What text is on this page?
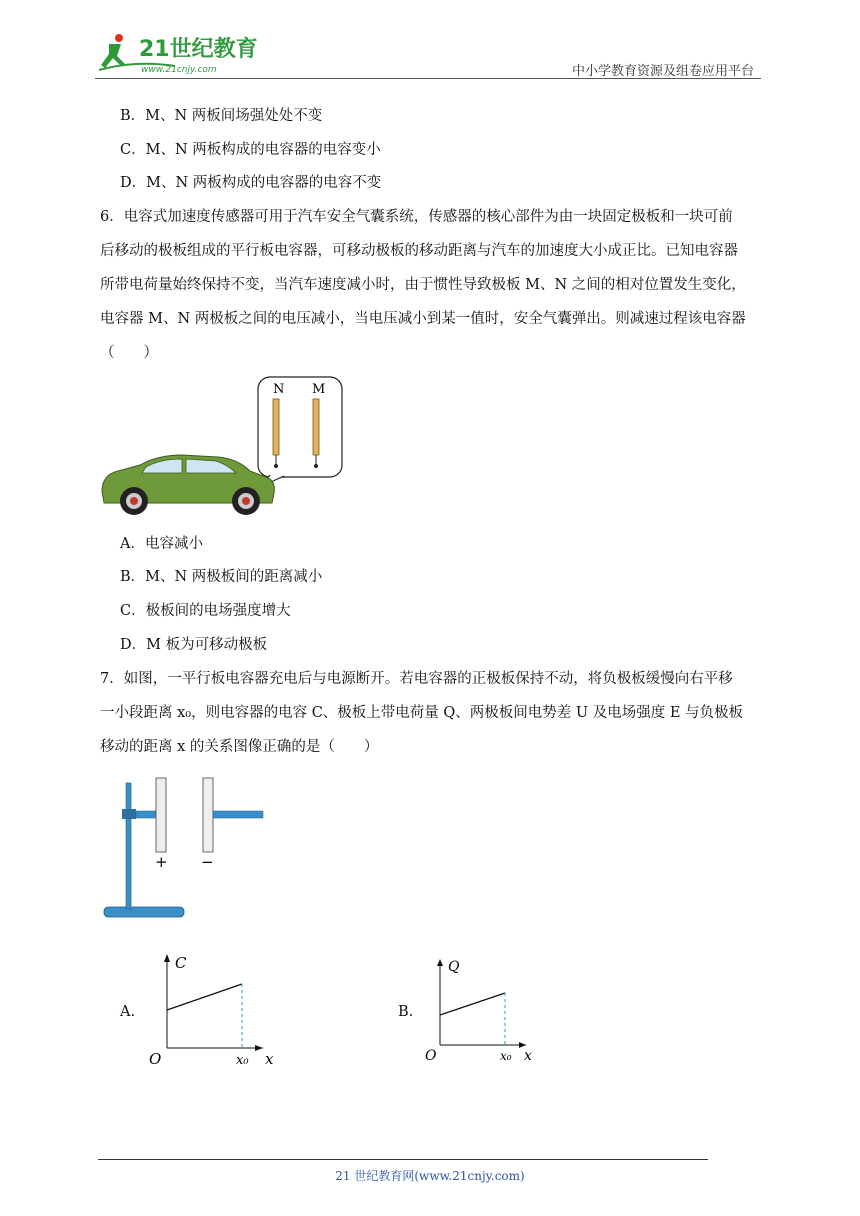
21世纪教育
www.21cnjy.com	中小学教育资源及组卷应用平台
B．M、N 两板间场强处处不变
C．M、N 两板构成的电容器的电容变小
D．M、N 两板构成的电容器的电容不变
6．电容式加速度传感器可用于汽车安全气囊系统，传感器的核心部件为由一块固定极板和一块可前
后移动的极板组成的平行板电容器，可移动极板的移动距离与汽车的加速度大小成正比。已知电容器
所带电荷量始终保持不变，当汽车速度减小时，由于惯性导致极板 M、N 之间的相对位置发生变化，
电容器 M、N 两极板之间的电压减小，当电压减小到某一值时，安全气囊弹出。则减速过程该电容器
（　　）
N M
A．电容减小
B．M、N 两极板间的距离减小
C．极板间的电场强度增大
D．M 板为可移动极板
7．如图，一平行板电容器充电后与电源断开。若电容器的正极板保持不动，将负极板缓慢向右平移
一小段距离 x₀，则电容器的电容 C、极板上带电荷量 Q、两极板间电势差 U 及电场强度 E 与负极板
移动的距离 x 的关系图像正确的是（　　）
+ −
A.
C
O	x₀ x
B.
Q
O	x₀ x
21 世纪教育网(www.21cnjy.com)
